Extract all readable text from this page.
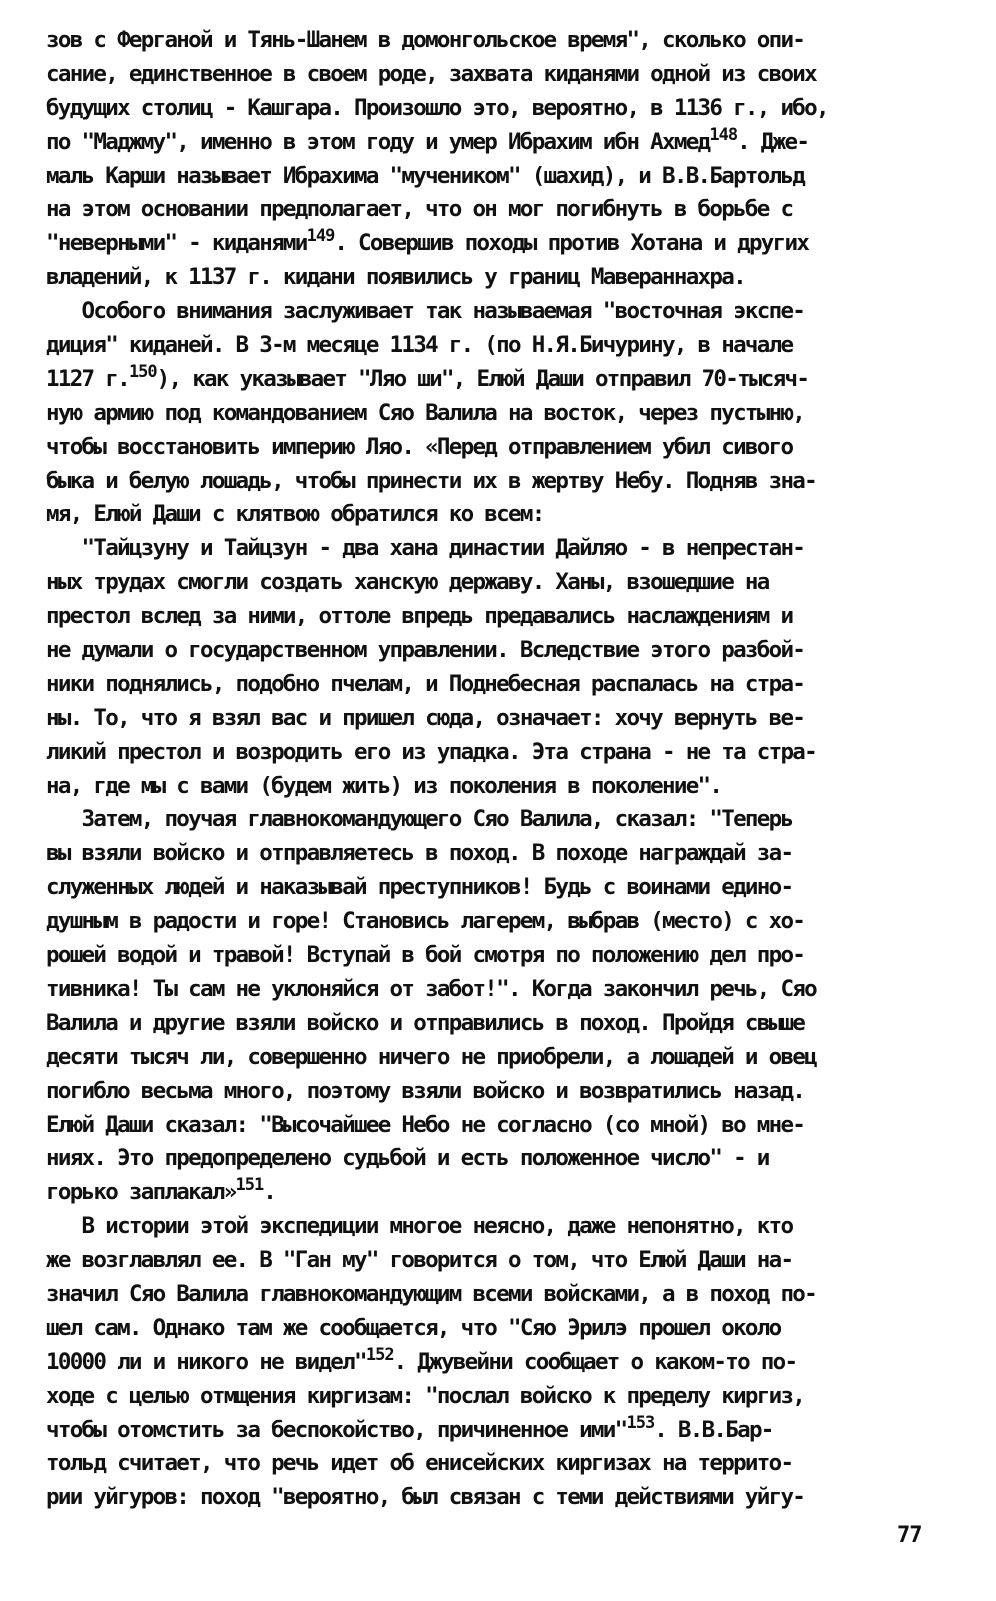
зов с Ферганой и Тянь-Шанем в домонгольское время", сколько опи-
сание, единственное в своем роде, захвата киданями одной из своих
будущих столиц - Кашгара. Произошло это, вероятно, в 1136 г., ибо,
по "Маджму", именно в этом году и умер Ибрахим ибн Ахмед$^{148}$. Дже-
маль Карши называет Ибрахима "мучеником" (шахид), и В.В.Бартольд
на этом основании предполагает, что он мог погибнуть в борьбе с
"неверными" - киданями$^{149}$. Совершив походы против Хотана и других
владений, к 1137 г. кидани появились у границ Мавераннахра.
Особого внимания заслуживает так называемая "восточная экспе-
диция" киданей. В 3-м месяце 1134 г. (по Н.Я.Бичурину, в начале
1127 г.$^{150}$), как указывает "Ляо ши", Елюй Даши отправил 70-тысяч-
ную армию под командованием Сяо Валила на восток, через пустыню,
чтобы восстановить империю Ляо. «Перед отправлением убил сивого
быка и белую лошадь, чтобы принести их в жертву Небу. Подняв зна-
мя, Елюй Даши с клятвою обратился ко всем:
"Тайцзуну и Тайцзун - два хана династии Дайляо - в непрестан-
ных трудах смогли создать ханскую державу. Ханы, взошедшие на
престол вслед за ними, оттоле впредь предавались наслаждениям и
не думали о государственном управлении. Вследствие этого разбой-
ники поднялись, подобно пчелам, и Поднебесная распалась на стра-
ны. То, что я взял вас и пришел сюда, означает: хочу вернуть ве-
ликий престол и возродить его из упадка. Эта страна - не та стра-
на, где мы с вами (будем жить) из поколения в поколение".
Затем, поучая главнокомандующего Сяо Валила, сказал: "Теперь
вы взяли войско и отправляетесь в поход. В походе награждай за-
служенных людей и наказывай преступников! Будь с воинами едино-
душным в радости и горе! Становись лагерем, выбрав (место) с хо-
рошей водой и травой! Вступай в бой смотря по положению дел про-
тивника! Ты сам не уклоняйся от забот!". Когда закончил речь, Сяо
Валила и другие взяли войско и отправились в поход. Пройдя свыше
десяти тысяч ли, совершенно ничего не приобрели, а лошадей и овец
погибло весьма много, поэтому взяли войско и возвратились назад.
Елюй Даши сказал: "Высочайшее Небо не согласно (со мной) во мне-
ниях. Это предопределено судьбой и есть положенное число" - и
горько заплакал»$^{151}$.
В истории этой экспедиции многое неясно, даже непонятно, кто
же возглавлял ее. В "Ган му" говорится о том, что Елюй Даши на-
значил Сяо Валила главнокомандующим всеми войсками, а в поход по-
шел сам. Однако там же сообщается, что "Сяо Эрилэ прошел около
10000 ли и никого не видел"$^{152}$. Джувейни сообщает о каком-то по-
ходе с целью отмщения киргизам: "послал войско к пределу киргиз,
чтобы отомстить за беспокойство, причиненное ими"$^{153}$. В.В.Бар-
тольд считает, что речь идет об енисейских киргизах на террито-
рии уйгуров: поход "вероятно, был связан с теми действиями уйгу-
77
